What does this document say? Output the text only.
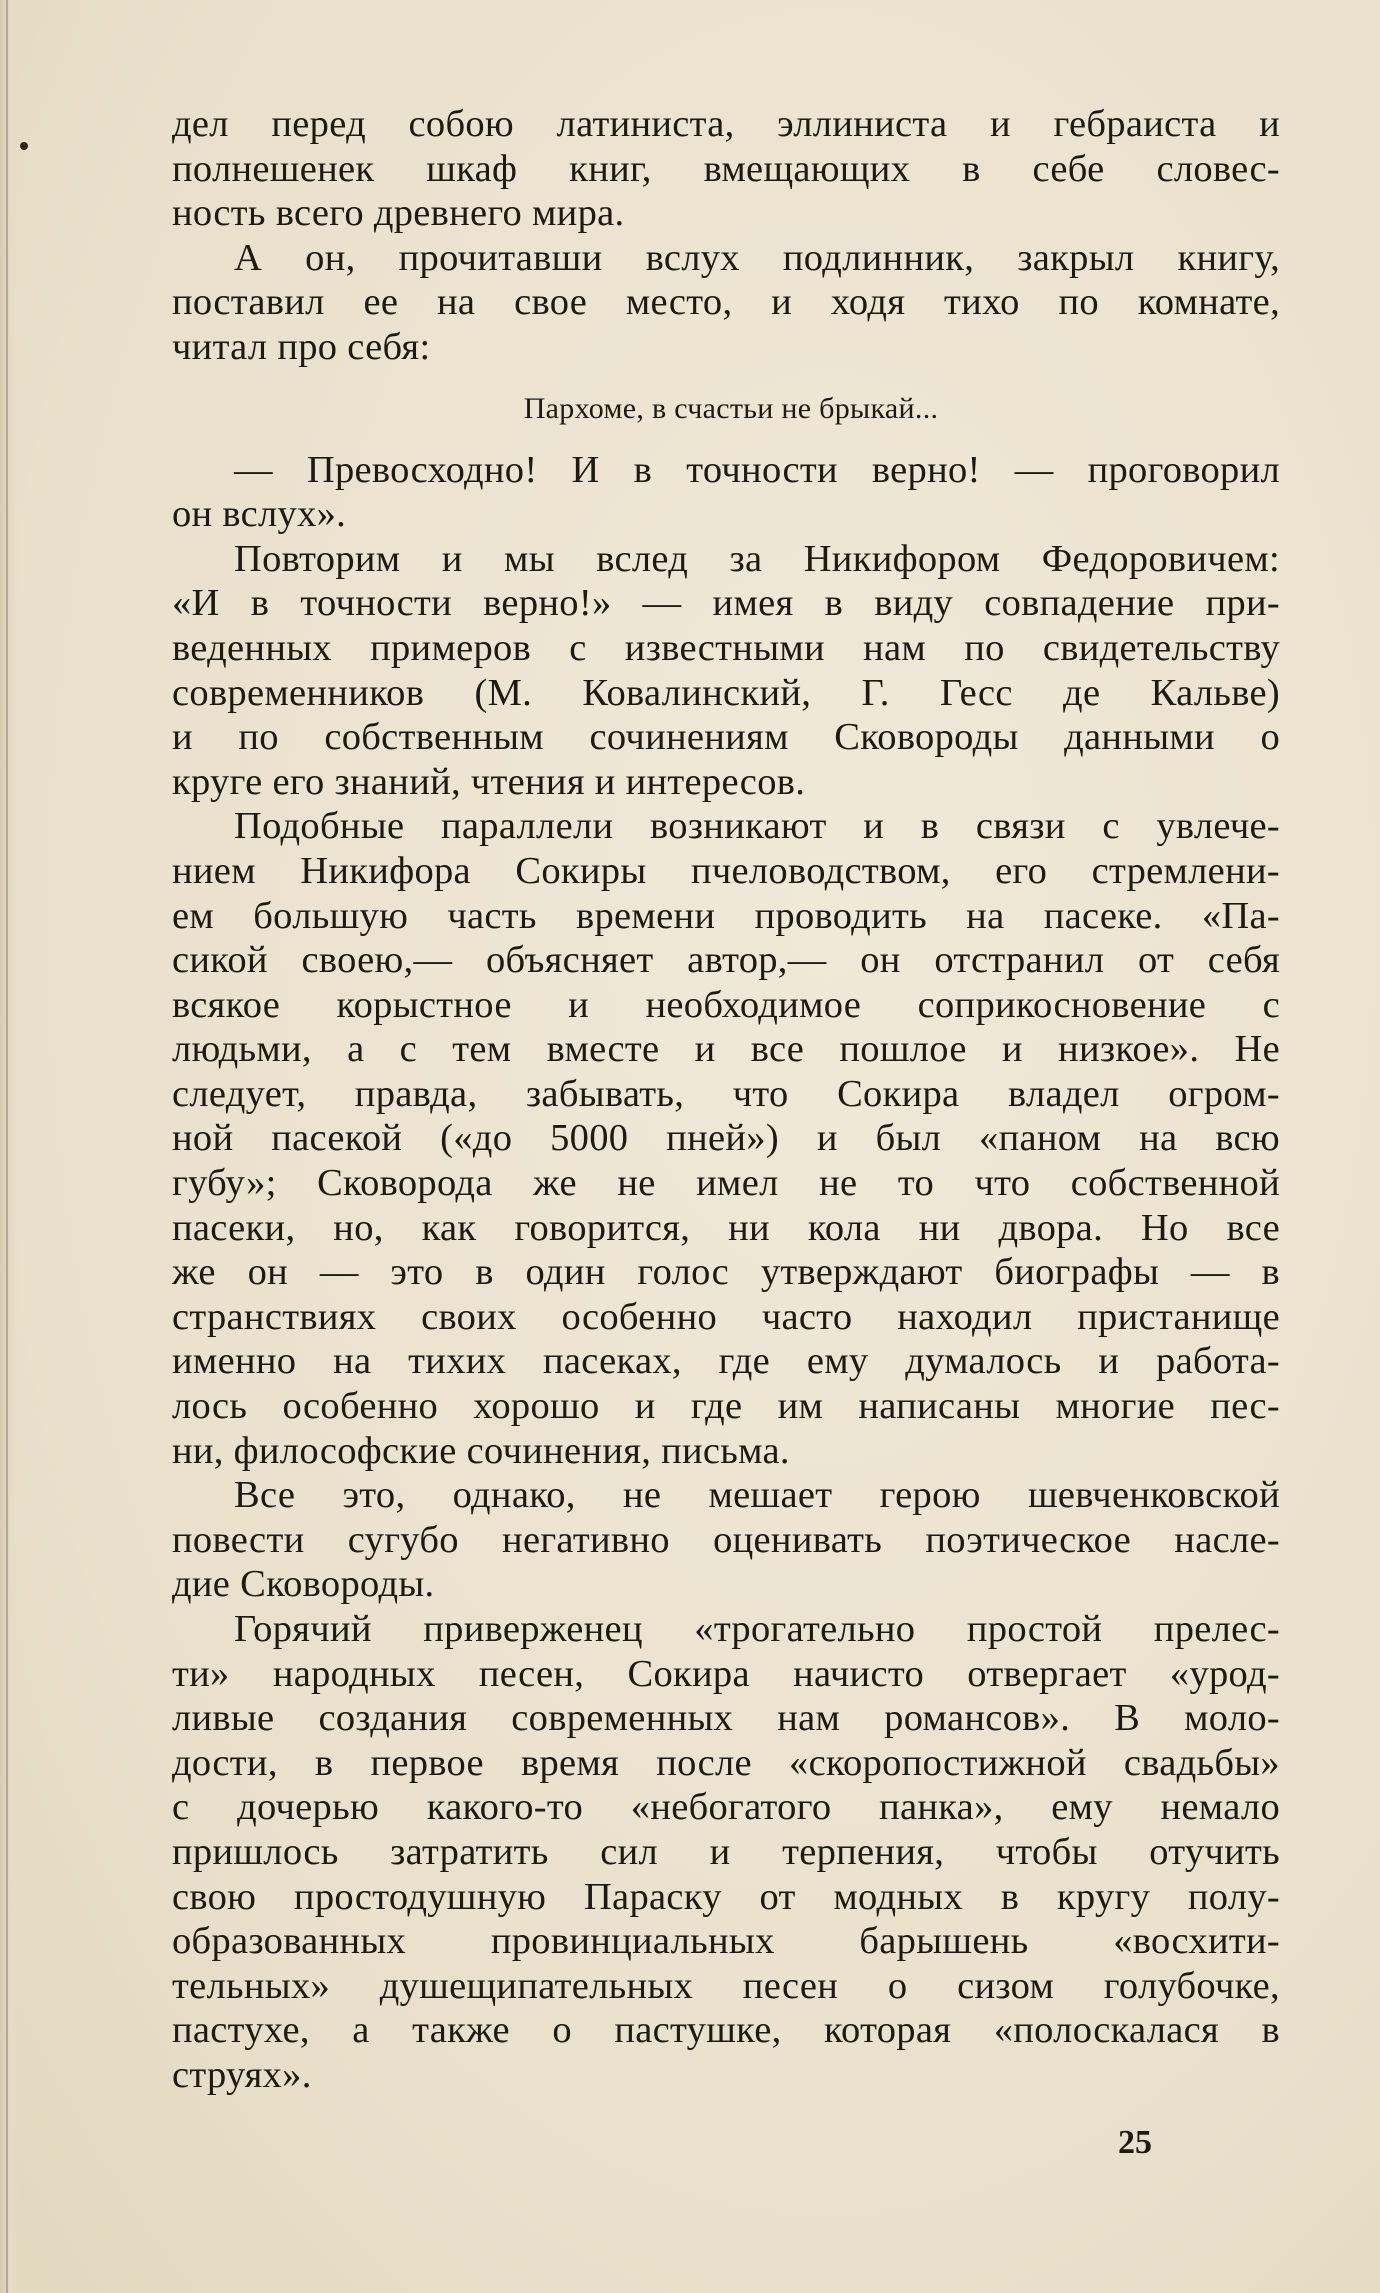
дел перед собою латиниста, эллиниста и гебраиста и
полнешенек шкаф книг, вмещающих в себе словес-
ность всего древнего мира.
А он, прочитавши вслух подлинник, закрыл книгу,
поставил ее на свое место, и ходя тихо по комнате,
читал про себя:
Пархоме, в счастьи не брыкай...
— Превосходно! И в точности верно! — проговорил
он вслух».
Повторим и мы вслед за Никифором Федоровичем:
«И в точности верно!» — имея в виду совпадение при-
веденных примеров с известными нам по свидетельству
современников (М. Ковалинский, Г. Гесс де Кальве)
и по собственным сочинениям Сковороды данными о
круге его знаний, чтения и интересов.
Подобные параллели возникают и в связи с увлече-
нием Никифора Сокиры пчеловодством, его стремлени-
ем большую часть времени проводить на пасеке. «Па-
сикой своею,— объясняет автор,— он отстранил от себя
всякое корыстное и необходимое соприкосновение с
людьми, а с тем вместе и все пошлое и низкое». Не
следует, правда, забывать, что Сокира владел огром-
ной пасекой («до 5000 пней») и был «паном на всю
губу»; Сковорода же не имел не то что собственной
пасеки, но, как говорится, ни кола ни двора. Но все
же он — это в один голос утверждают биографы — в
странствиях своих особенно часто находил пристанище
именно на тихих пасеках, где ему думалось и работа-
лось особенно хорошо и где им написаны многие пес-
ни, философские сочинения, письма.
Все это, однако, не мешает герою шевченковской
повести сугубо негативно оценивать поэтическое насле-
дие Сковороды.
Горячий приверженец «трогательно простой прелес-
ти» народных песен, Сокира начисто отвергает «урод-
ливые создания современных нам романсов». В моло-
дости, в первое время после «скоропостижной свадьбы»
с дочерью какого-то «небогатого панка», ему немало
пришлось затратить сил и терпения, чтобы отучить
свою простодушную Параску от модных в кругу полу-
образованных провинциальных барышень «восхити-
тельных» душещипательных песен о сизом голубочке,
пастухе, а также о пастушке, которая «полоскалася в
струях».
25
